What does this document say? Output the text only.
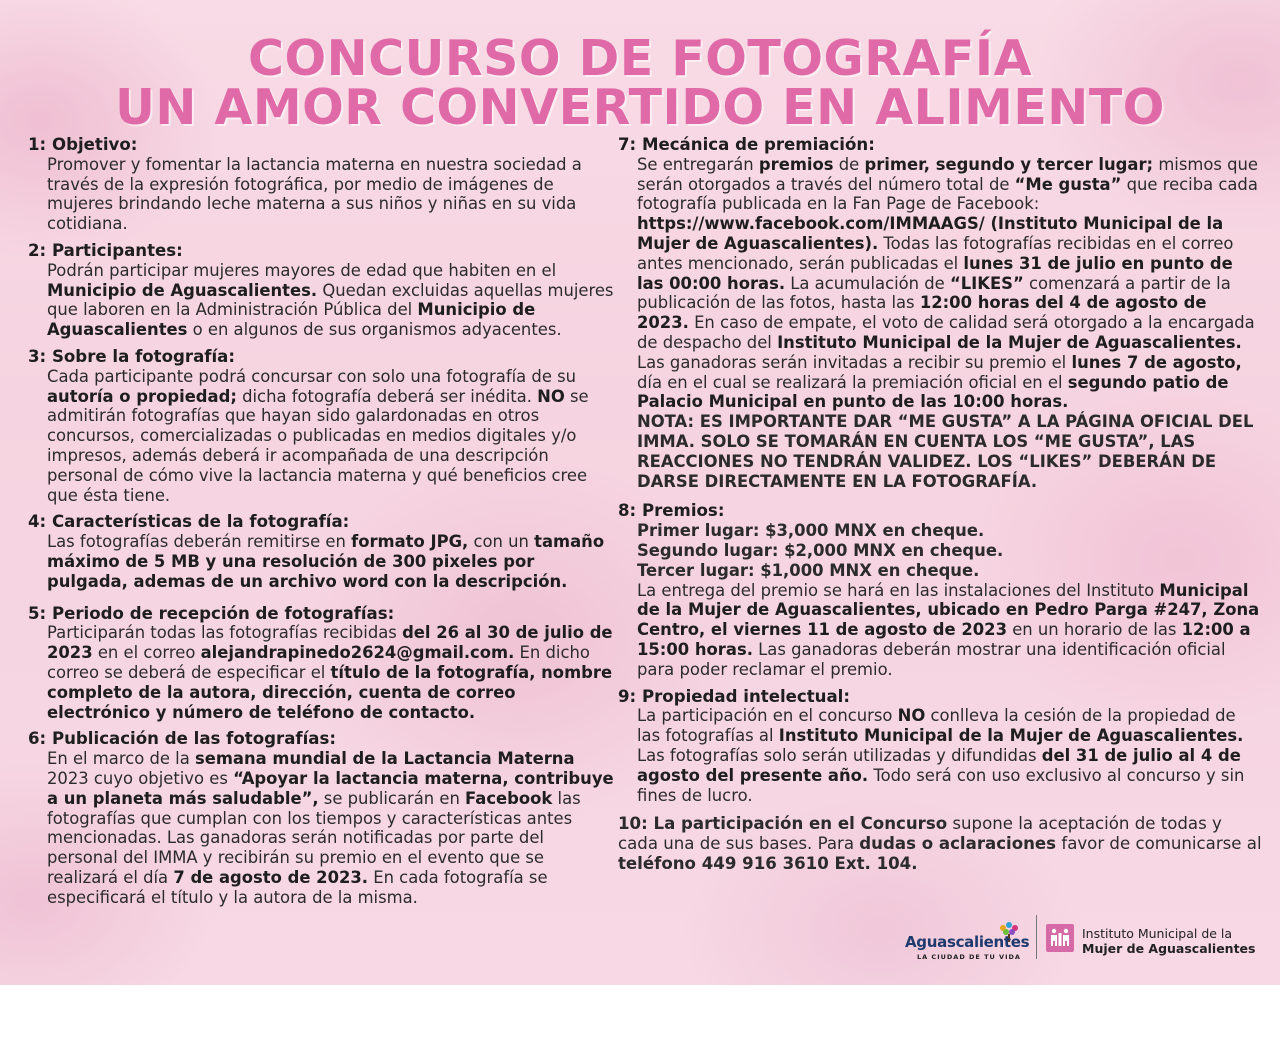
CONCURSO DE FOTOGRAFÍA
UN AMOR CONVERTIDO EN ALIMENTO
1: Objetivo:

Promover y fomentar la lactancia materna en nuestra sociedad a través de la expresión fotográfica, por medio de imágenes de mujeres brindando leche materna a sus niños y niñas en su vida cotidiana.

2: Participantes:

Podrán participar mujeres mayores de edad que habiten en el Municipio de Aguascalientes. Quedan excluidas aquellas mujeres que laboren en la Administración Pública del Municipio de Aguascalientes o en algunos de sus organismos adyacentes.

3: Sobre la fotografía:

Cada participante podrá concursar con solo una fotografía de su autoría o propiedad; dicha fotografía deberá ser inédita. NO se admitirán fotografías que hayan sido galardonadas en otros concursos, comercializadas o publicadas en medios digitales y/o impresos, además deberá ir acompañada de una descripción personal de cómo vive la lactancia materna y qué beneficios cree que ésta tiene.

4: Características de la fotografía:

Las fotografías deberán remitirse en formato JPG, con un tamaño máximo de 5 MB y una resolución de 300 pixeles por pulgada, ademas de un archivo word con la descripción.

5: Periodo de recepción de fotografías:

Participarán todas las fotografías recibidas del 26 al 30 de julio de 2023 en el correo alejandrapinedo2624@gmail.com. En dicho correo se deberá de especificar el título de la fotografía, nombre completo de la autora, dirección, cuenta de correo electrónico y número de teléfono de contacto.

6: Publicación de las fotografías:

En el marco de la semana mundial de la Lactancia Materna 2023 cuyo objetivo es “Apoyar la lactancia materna, contribuye a un planeta más saludable”, se publicarán en Facebook las fotografías que cumplan con los tiempos y características antes mencionadas. Las ganadoras serán notificadas por parte del personal del IMMA y recibirán su premio en el evento que se realizará el día 7 de agosto de 2023. En cada fotografía se especificará el título y la autora de la misma.

7: Mecánica de premiación:

Se entregarán premios de primer, segundo y tercer lugar; mismos que serán otorgados a través del número total de “Me gusta” que reciba cada fotografía publicada en la Fan Page de Facebook: https://www.facebook.com/IMMAAGS/ (Instituto Municipal de la Mujer de Aguascalientes). Todas las fotografías recibidas en el correo antes mencionado, serán publicadas el lunes 31 de julio en punto de las 00:00 horas. La acumulación de “LIKES” comenzará a partir de la publicación de las fotos, hasta las 12:00 horas del 4 de agosto de 2023. En caso de empate, el voto de calidad será otorgado a la encargada de despacho del Instituto Municipal de la Mujer de Aguascalientes. Las ganadoras serán invitadas a recibir su premio el lunes 7 de agosto, día en el cual se realizará la premiación oficial en el segundo patio de Palacio Municipal en punto de las 10:00 horas.

NOTA: ES IMPORTANTE DAR “ME GUSTA” A LA PÁGINA OFICIAL DEL IMMA. SOLO SE TOMARÁN EN CUENTA LOS “ME GUSTA”, LAS REACCIONES NO TENDRÁN VALIDEZ. LOS “LIKES” DEBERÁN DE DARSE DIRECTAMENTE EN LA FOTOGRAFÍA.

8: Premios:

Primer lugar: $3,000 MNX en cheque.

Segundo lugar: $2,000 MNX en cheque.

Tercer lugar: $1,000 MNX en cheque.

La entrega del premio se hará en las instalaciones del Instituto Municipal de la Mujer de Aguascalientes, ubicado en Pedro Parga #247, Zona Centro, el viernes 11 de agosto de 2023 en un horario de las 12:00 a 15:00 horas. Las ganadoras deberán mostrar una identificación oficial para poder reclamar el premio.

9: Propiedad intelectual:

La participación en el concurso NO conlleva la cesión de la propiedad de las fotografías al Instituto Municipal de la Mujer de Aguascalientes. Las fotografías solo serán utilizadas y difundidas del 31 de julio al 4 de agosto del presente año. Todo será con uso exclusivo al concurso y sin fines de lucro.

10: La participación en el Concurso supone la aceptación de todas y cada una de sus bases. Para dudas o aclaraciones favor de comunicarse al teléfono 449 916 3610 Ext. 104.

Aguascalientes
LA CIUDAD DE TU VIDA
Instituto Municipal de la
Mujer de Aguascalientes
